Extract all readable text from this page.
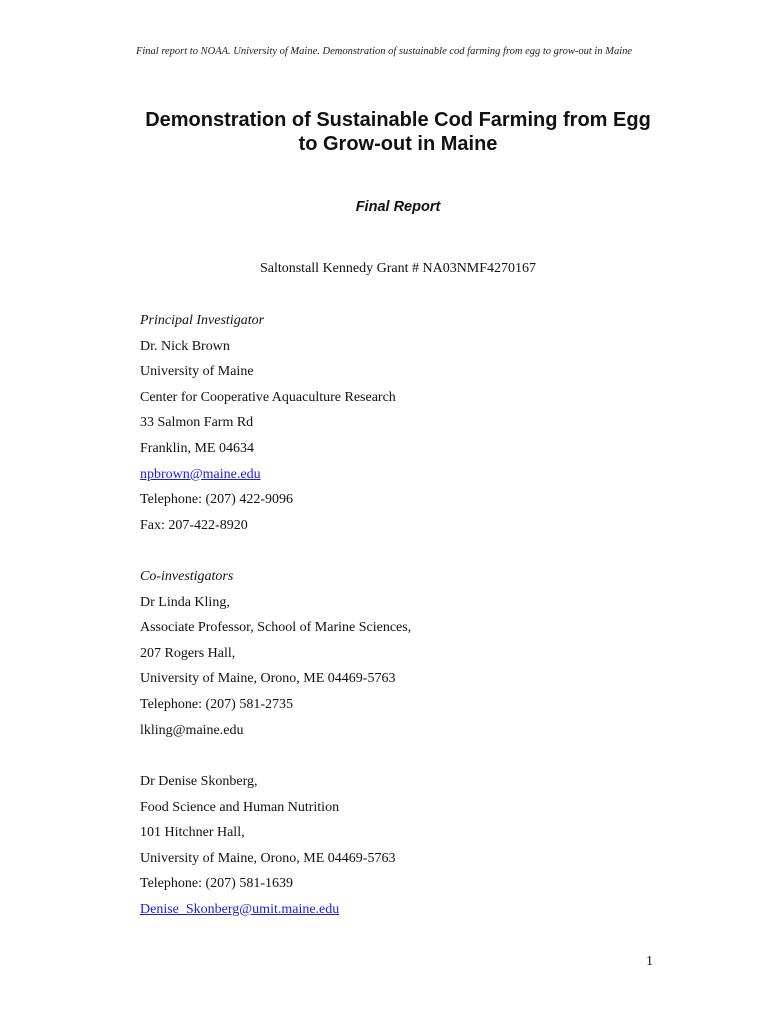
Final report to NOAA. University of Maine. Demonstration of sustainable cod farming from egg to grow-out in Maine
Demonstration of Sustainable Cod Farming from Egg
to Grow-out in Maine
Final Report
Saltonstall Kennedy Grant # NA03NMF4270167
Principal Investigator
Dr. Nick Brown
University of Maine
Center for Cooperative Aquaculture Research
33 Salmon Farm Rd
Franklin, ME 04634
npbrown@maine.edu
Telephone: (207) 422-9096
Fax: 207-422-8920
Co-investigators
Dr Linda Kling,
Associate Professor, School of Marine Sciences,
207 Rogers Hall,
University of Maine, Orono, ME 04469-5763
Telephone: (207) 581-2735
lkling@maine.edu
Dr Denise Skonberg,
Food Science and Human Nutrition
101 Hitchner Hall,
University of Maine, Orono, ME 04469-5763
Telephone: (207) 581-1639
Denise_Skonberg@umit.maine.edu
1
